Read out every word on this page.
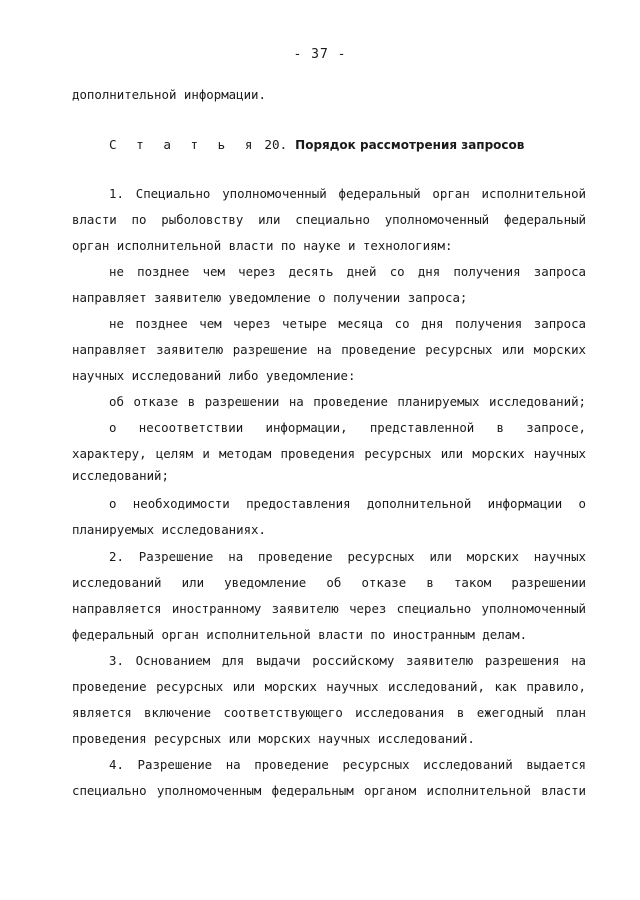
- 37 -
С т а т ь я 20. Порядок рассмотрения запросов
дополнительной информации.
1. Специально уполномоченный федеральный орган исполнительной
власти по рыболовству или специально уполномоченный федеральный
орган исполнительной власти по науке и технологиям:
не позднее чем через десять дней со дня получения запроса
направляет заявителю уведомление о получении запроса;
не позднее чем через четыре месяца со дня получения запроса
направляет заявителю разрешение на проведение ресурсных или морских
научных исследований либо уведомление:
об отказе в разрешении на проведение планируемых исследований;
о несоответствии информации, представленной в запросе,
характеру, целям и методам проведения ресурсных или морских научных
исследований;
о необходимости предоставления дополнительной информации о
планируемых исследованиях.
2. Разрешение на проведение ресурсных или морских научных
исследований или уведомление об отказе в таком разрешении
направляется иностранному заявителю через специально уполномоченный
федеральный орган исполнительной власти по иностранным делам.
3. Основанием для выдачи российскому заявителю разрешения на
проведение ресурсных или морских научных исследований, как правило,
является включение соответствующего исследования в ежегодный план
проведения ресурсных или морских научных исследований.
4. Разрешение на проведение ресурсных исследований выдается
специально уполномоченным федеральным органом исполнительной власти
